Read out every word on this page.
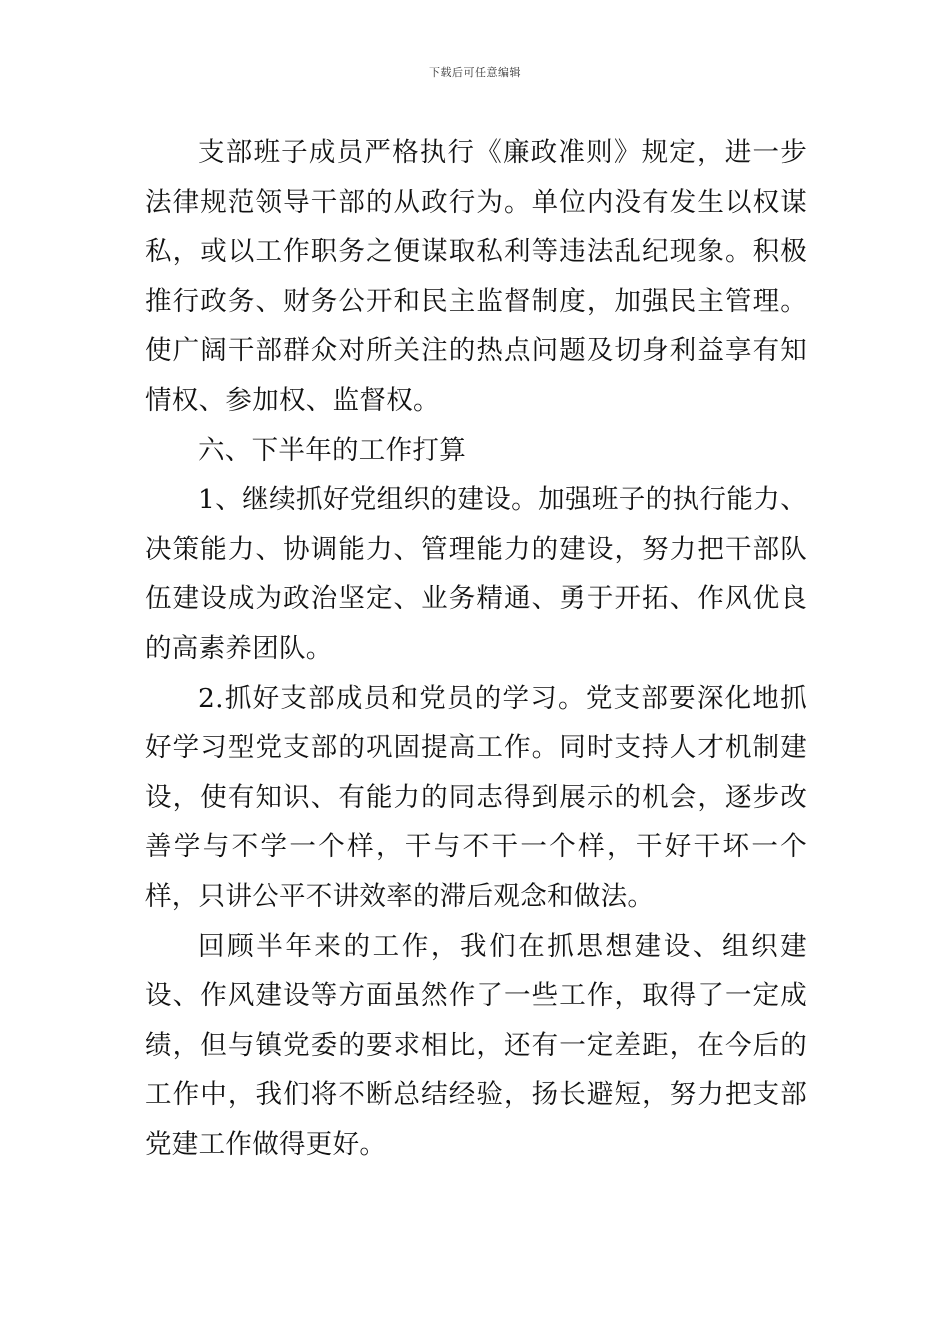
下载后可任意编辑

支部班子成员严格执行《廉政准则》规定，进一步法律规范领导干部的从政行为。单位内没有发生以权谋私，或以工作职务之便谋取私利等违法乱纪现象。积极推行政务、财务公开和民主监督制度，加强民主管理。使广阔干部群众对所关注的热点问题及切身利益享有知情权、参加权、监督权。

六、下半年的工作打算

1、继续抓好党组织的建设。加强班子的执行能力、决策能力、协调能力、管理能力的建设，努力把干部队伍建设成为政治坚定、业务精通、勇于开拓、作风优良的高素养团队。

2.抓好支部成员和党员的学习。党支部要深化地抓好学习型党支部的巩固提高工作。同时支持人才机制建设，使有知识、有能力的同志得到展示的机会，逐步改善学与不学一个样，干与不干一个样，干好干坏一个样，只讲公平不讲效率的滞后观念和做法。

回顾半年来的工作，我们在抓思想建设、组织建设、作风建设等方面虽然作了一些工作，取得了一定成绩，但与镇党委的要求相比，还有一定差距，在今后的工作中，我们将不断总结经验，扬长避短，努力把支部党建工作做得更好。
